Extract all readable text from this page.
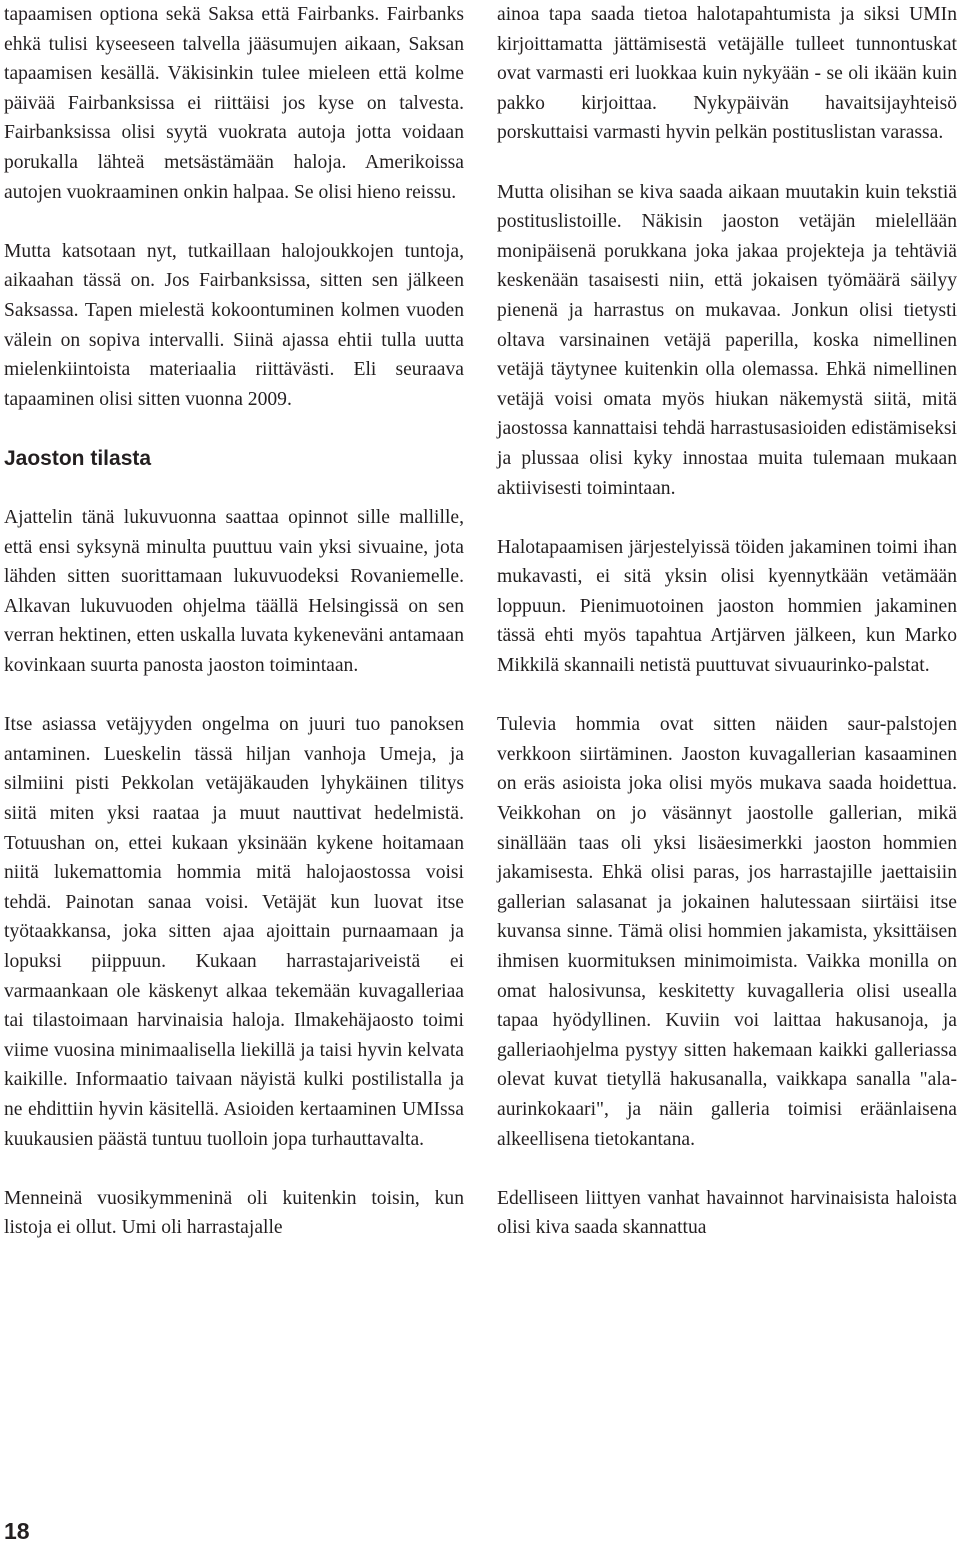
tapaamisen optiona sekä Saksa että Fairbanks. Fairbanks ehkä tulisi kyseeseen talvella jääsumujen aikaan, Saksan tapaamisen kesällä. Väkisinkin tulee mieleen että kolme päivää Fairbanksissa ei riittäisi jos kyse on talvesta. Fairbanksissa olisi syytä vuokrata autoja jotta voidaan porukalla lähteä metsästämään haloja. Amerikoissa autojen vuokraaminen onkin halpaa. Se olisi hieno reissu.

Mutta katsotaan nyt, tutkaillaan halojoukkojen tuntoja, aikaahan tässä on. Jos Fairbanksissa, sitten sen jälkeen Saksassa. Tapen mielestä kokoontuminen kolmen vuoden välein on sopiva intervalli. Siinä ajassa ehtii tulla uutta mielenkiintoista materiaalia riittävästi. Eli seuraava tapaaminen olisi sitten vuonna 2009.

Jaoston tilasta

Ajattelin tänä lukuvuonna saattaa opinnot sille mallille, että ensi syksynä minulta puuttuu vain yksi sivuaine, jota lähden sitten suorittamaan lukuvuodeksi Rovaniemelle. Alkavan lukuvuoden ohjelma täällä Helsingissä on sen verran hektinen, etten uskalla luvata kykeneväni antamaan kovinkaan suurta panosta jaoston toimintaan.

Itse asiassa vetäjyyden ongelma on juuri tuo panoksen antaminen. Lueskelin tässä hiljan vanhoja Umeja, ja silmiini pisti Pekkolan vetäjäkauden lyhykäinen tilitys siitä miten yksi raataa ja muut nauttivat hedelmistä. Totuushan on, ettei kukaan yksinään kykene hoitamaan niitä lukemattomia hommia mitä halojaostossa voisi tehdä. Painotan sanaa voisi. Vetäjät kun luovat itse työtaakkansa, joka sitten ajaa ajoittain purnaamaan ja lopuksi piippuun. Kukaan harrastajariveistä ei varmaankaan ole käskenyt alkaa tekemään kuvagalleriaa tai tilastoimaan harvinaisia haloja. Ilmakehäjaosto toimi viime vuosina minimaalisella liekillä ja taisi hyvin kelvata kaikille. Informaatio taivaan näyistä kulki postilistalla ja ne ehdittiin hyvin käsitellä. Asioiden kertaaminen UMIssa kuukausien päästä tuntuu tuolloin jopa turhauttavalta.

Menneinä vuosikymmeninä oli kuitenkin toisin, kun listoja ei ollut. Umi oli harrastajalle

ainoa tapa saada tietoa halotapahtumista ja siksi UMIn kirjoittamatta jättämisestä vetäjälle tulleet tunnontuskat ovat varmasti eri luokkaa kuin nykyään - se oli ikään kuin pakko kirjoittaa. Nykypäivän havaitsijayhteisö porskuttaisi varmasti hyvin pelkän postituslistan varassa.

Mutta olisihan se kiva saada aikaan muutakin kuin tekstiä postituslistoille. Näkisin jaoston vetäjän mielellään monipäisenä porukkana joka jakaa projekteja ja tehtäviä keskenään tasaisesti niin, että jokaisen työmäärä säilyy pienenä ja harrastus on mukavaa. Jonkun olisi tietysti oltava varsinainen vetäjä paperilla, koska nimellinen vetäjä täytynee kuitenkin olla olemassa. Ehkä nimellinen vetäjä voisi omata myös hiukan näkemystä siitä, mitä jaostossa kannattaisi tehdä harrastusasioiden edistämiseksi ja plussaa olisi kyky innostaa muita tulemaan mukaan aktiivisesti toimintaan.

Halotapaamisen järjestelyissä töiden jakaminen toimi ihan mukavasti, ei sitä yksin olisi kyennytkään vetämään loppuun. Pienimuotoinen jaoston hommien jakaminen tässä ehti myös tapahtua Artjärven jälkeen, kun Marko Mikkilä skannaili netistä puuttuvat sivuaurinko-palstat.

Tulevia hommia ovat sitten näiden saur-palstojen verkkoon siirtäminen. Jaoston kuvagallerian kasaaminen on eräs asioista joka olisi myös mukava saada hoidettua. Veikkohan on jo väsännyt jaostolle gallerian, mikä sinällään taas oli yksi lisäesimerkki jaoston hommien jakamisesta. Ehkä olisi paras, jos harrastajille jaettaisiin gallerian salasanat ja jokainen halutessaan siirtäisi itse kuvansa sinne. Tämä olisi hommien jakamista, yksittäisen ihmisen kuormituksen minimoimista. Vaikka monilla on omat halosivunsa, keskitetty kuvagalleria olisi usealla tapaa hyödyllinen. Kuviin voi laittaa hakusanoja, ja galleriaohjelma pystyy sitten hakemaan kaikki galleriassa olevat kuvat tietyllä hakusanalla, vaikkapa sanalla "ala-aurinkokaari", ja näin galleria toimisi eräänlaisena alkeellisena tietokantana.

Edelliseen liittyen vanhat havainnot harvinaisista haloista olisi kiva saada skannattua

18
